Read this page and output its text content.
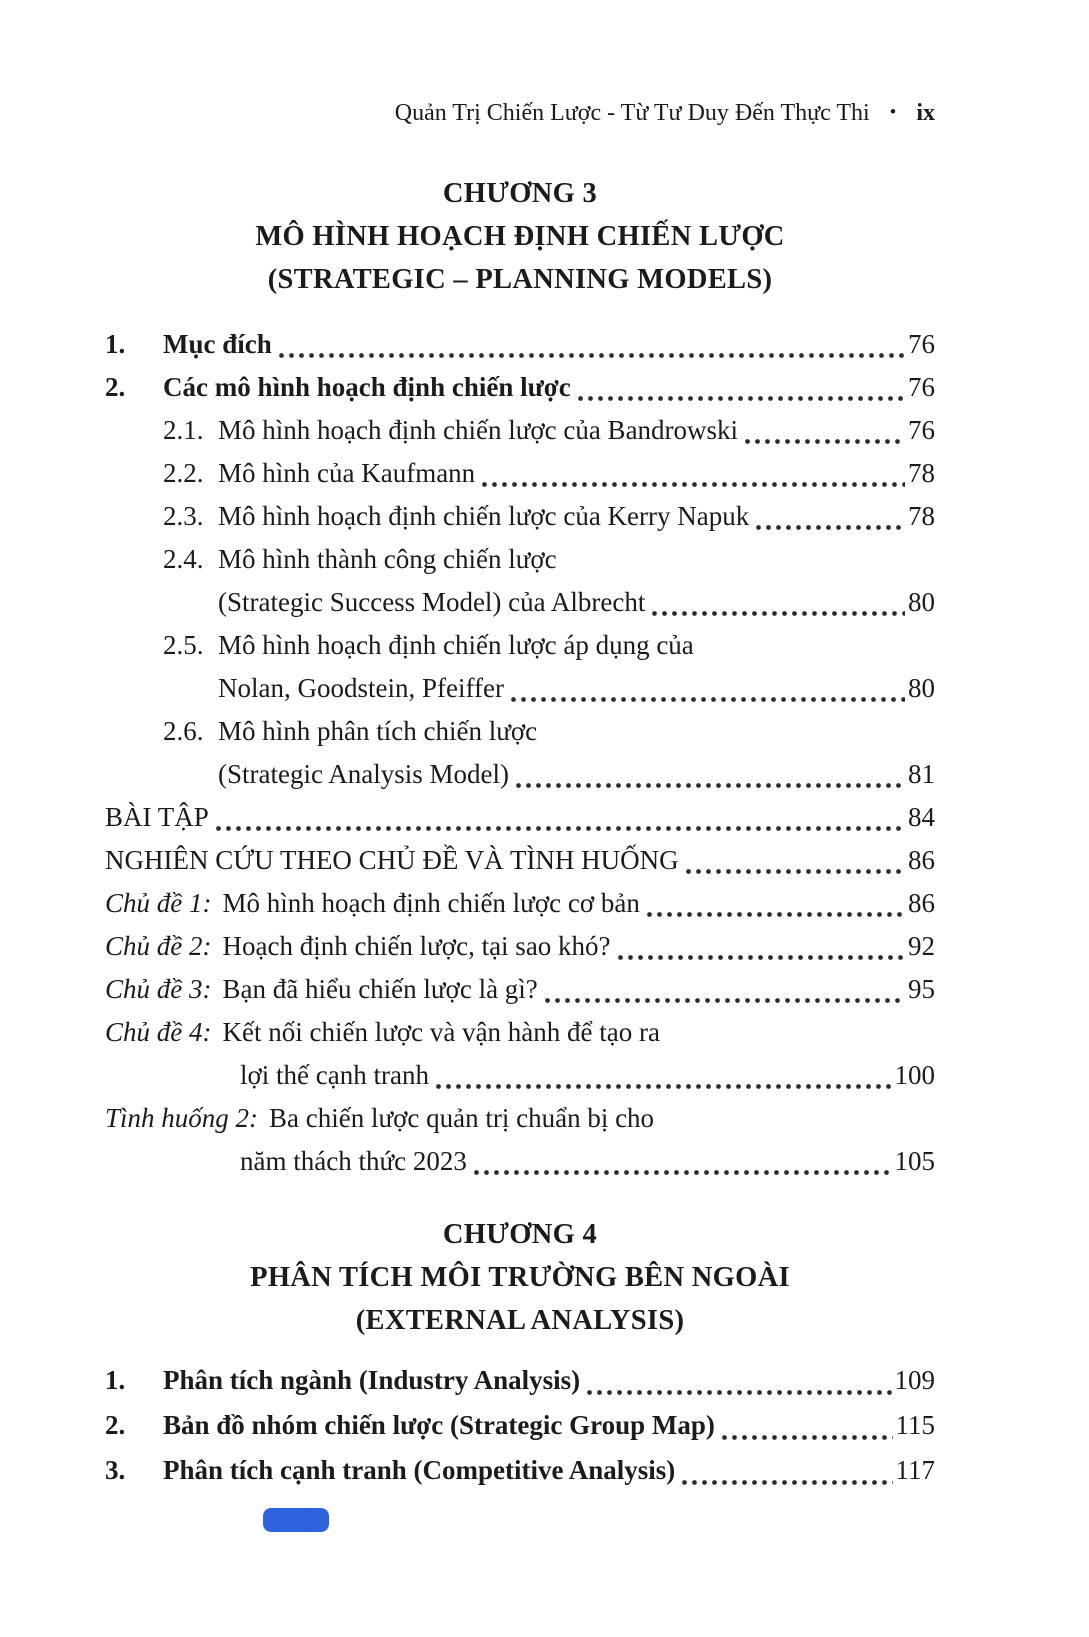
Quản Trị Chiến Lược - Từ Tư Duy Đến Thực Thi • ix
CHƯƠNG 3
MÔ HÌNH HOẠCH ĐỊNH CHIẾN LƯỢC
(STRATEGIC – PLANNING MODELS)
1.	Mục đích	76
2.	Các mô hình hoạch định chiến lược	76
2.1. Mô hình hoạch định chiến lược của Bandrowski	76
2.2. Mô hình của Kaufmann	78
2.3. Mô hình hoạch định chiến lược của Kerry Napuk	78
2.4. Mô hình thành công chiến lược
(Strategic Success Model) của Albrecht	80
2.5. Mô hình hoạch định chiến lược áp dụng của
Nolan, Goodstein, Pfeiffer	80
2.6. Mô hình phân tích chiến lược
(Strategic Analysis Model)	81
BÀI TẬP	84
NGHIÊN CỨU THEO CHỦ ĐỀ VÀ TÌNH HUỐNG	86
Chủ đề 1: Mô hình hoạch định chiến lược cơ bản	86
Chủ đề 2: Hoạch định chiến lược, tại sao khó?	92
Chủ đề 3: Bạn đã hiểu chiến lược là gì?	95
Chủ đề 4: Kết nối chiến lược và vận hành để tạo ra
lợi thế cạnh tranh	100
Tình huống 2: Ba chiến lược quản trị chuẩn bị cho
năm thách thức 2023	105
CHƯƠNG 4
PHÂN TÍCH MÔI TRƯỜNG BÊN NGOÀI
(EXTERNAL ANALYSIS)
1.	Phân tích ngành (Industry Analysis)	109
2.	Bản đồ nhóm chiến lược (Strategic Group Map)	115
3.	Phân tích cạnh tranh (Competitive Analysis)	117
